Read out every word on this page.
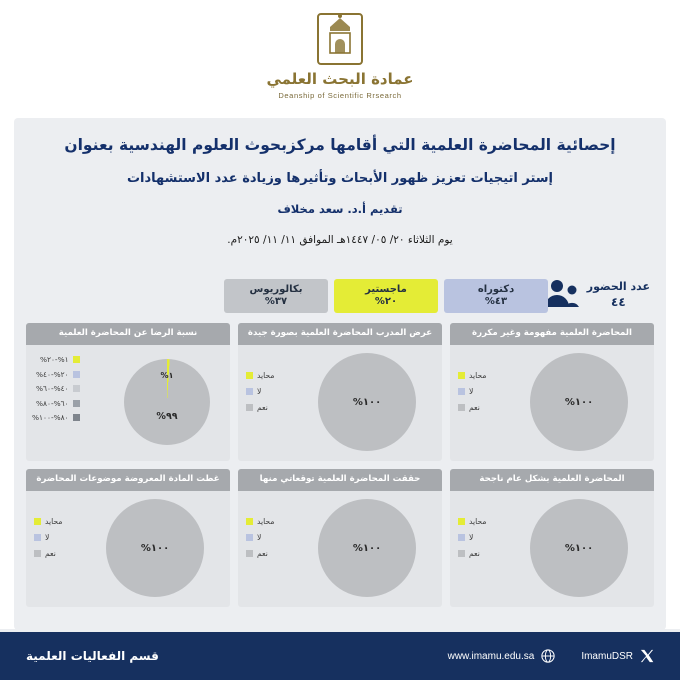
عمادة البحث العلمي
Deanship of Scientific Rrsearch
إحصائية المحاضرة العلمية التي أقامها مركزبحوث العلوم الهندسية بعنوان
إستر اتيجيات تعزيز ظهور الأبحاث وتأثيرها وزيادة عدد الاستشهادات
تقديم أ.د. سعد مخلاف
يوم الثلاثاء ٢٠/ ٠٥/ ١٤٤٧هـ الموافق ١١/ ١١/ ٢٠٢٥م.
عدد الحضور
٤٤
دكتوراه
٤٣%
ماجستير
٢٠%
بكالوريوس
٣٧%
المحاضرة العلمية مفهومة وغير مكررة
١٠٠%
محايد
لا
نعم
عرض المدرب المحاضرة العلمية بصورة جيدة
١٠٠%
محايد
لا
نعم
نسبة الرضا عن المحاضرة العلمية
١%
٩٩%
١%-٢٠%
٢٠%-٤٠%
٤٠%-٦٠%
٦٠%-٨٠%
٨٠%-١٠٠%
المحاضرة العلمية بشكل عام ناجحة
١٠٠%
محايد
لا
نعم
حققت المحاضرة العلمية توقعاتي منها
١٠٠%
محايد
لا
نعم
غطت المادة المعروضة موضوعات المحاضرة
١٠٠%
محايد
لا
نعم
ImamuDSR
www.imamu.edu.sa
قسم الفعاليات العلمية
